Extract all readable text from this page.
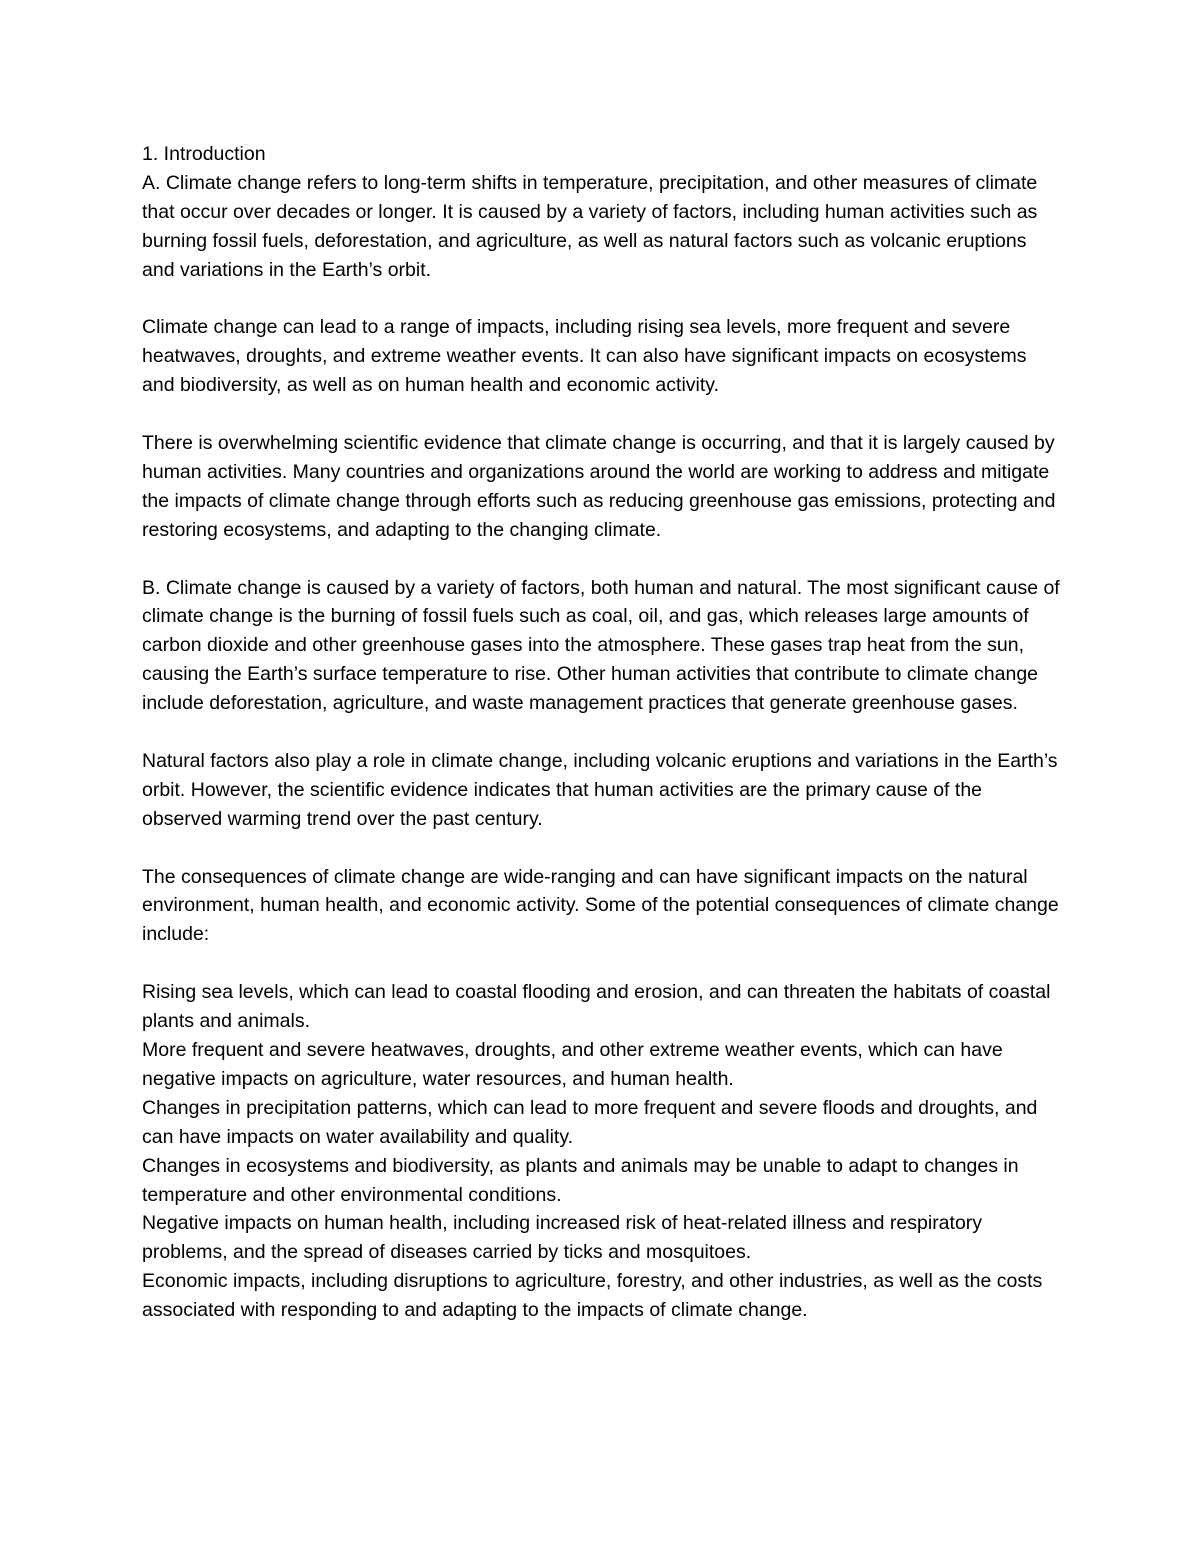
1. Introduction

A. Climate change refers to long-term shifts in temperature, precipitation, and other measures of climate that occur over decades or longer. It is caused by a variety of factors, including human activities such as burning fossil fuels, deforestation, and agriculture, as well as natural factors such as volcanic eruptions and variations in the Earth’s orbit.

Climate change can lead to a range of impacts, including rising sea levels, more frequent and severe heatwaves, droughts, and extreme weather events. It can also have significant impacts on ecosystems and biodiversity, as well as on human health and economic activity.

There is overwhelming scientific evidence that climate change is occurring, and that it is largely caused by human activities. Many countries and organizations around the world are working to address and mitigate the impacts of climate change through efforts such as reducing greenhouse gas emissions, protecting and restoring ecosystems, and adapting to the changing climate.

B. Climate change is caused by a variety of factors, both human and natural. The most significant cause of climate change is the burning of fossil fuels such as coal, oil, and gas, which releases large amounts of carbon dioxide and other greenhouse gases into the atmosphere. These gases trap heat from the sun, causing the Earth’s surface temperature to rise. Other human activities that contribute to climate change include deforestation, agriculture, and waste management practices that generate greenhouse gases.

Natural factors also play a role in climate change, including volcanic eruptions and variations in the Earth’s orbit. However, the scientific evidence indicates that human activities are the primary cause of the observed warming trend over the past century.

The consequences of climate change are wide-ranging and can have significant impacts on the natural environment, human health, and economic activity. Some of the potential consequences of climate change include:

Rising sea levels, which can lead to coastal flooding and erosion, and can threaten the habitats of coastal plants and animals.

More frequent and severe heatwaves, droughts, and other extreme weather events, which can have negative impacts on agriculture, water resources, and human health.

Changes in precipitation patterns, which can lead to more frequent and severe floods and droughts, and can have impacts on water availability and quality.

Changes in ecosystems and biodiversity, as plants and animals may be unable to adapt to changes in temperature and other environmental conditions.

Negative impacts on human health, including increased risk of heat-related illness and respiratory problems, and the spread of diseases carried by ticks and mosquitoes.

Economic impacts, including disruptions to agriculture, forestry, and other industries, as well as the costs associated with responding to and adapting to the impacts of climate change.
